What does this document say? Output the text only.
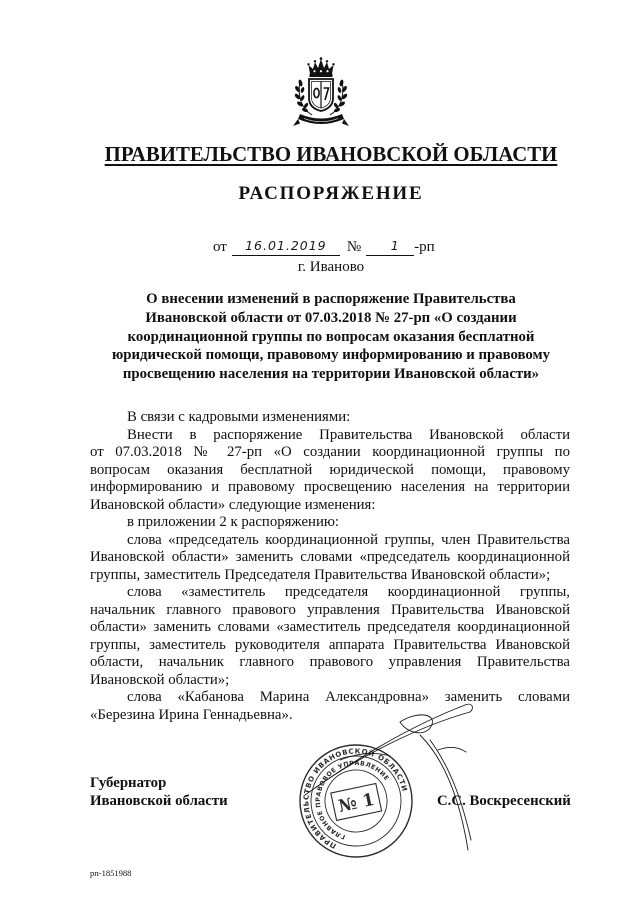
ПРАВИТЕЛЬСТВО ИВАНОВСКОЙ ОБЛАСТИ
РАСПОРЯЖЕНИЕ
от	16.01.2019	№	1 -рп
г. Иваново
О внесении изменений в распоряжение Правительства
Ивановской области от 07.03.2018 № 27-рп «О создании
координационной группы по вопросам оказания бесплатной
юридической помощи, правовому информированию и правовому
просвещению населения на территории Ивановской области»
В связи с кадровыми изменениями:
Внести в распоряжение Правительства Ивановской области
от 07.03.2018 № 27-рп «О создании координационной группы по
вопросам оказания бесплатной юридической помощи, правовому
информированию и правовому просвещению населения на территории
Ивановской области» следующие изменения:
в приложении 2 к распоряжению:
слова «председатель координационной группы, член Правительства
Ивановской области» заменить словами «председатель координационной
группы, заместитель Председателя Правительства Ивановской области»;
слова «заместитель председателя координационной группы,
начальник главного правового управления Правительства Ивановской
области» заменить словами «заместитель председателя координационной
группы, заместитель руководителя аппарата Правительства Ивановской
области, начальник главного правового управления Правительства
Ивановской области»;
слова «Кабанова Марина Александровна» заменить словами
«Березина Ирина Геннадьевна».
Губернатор
Ивановской области	С.С. Воскресенский
ПРАВИТЕЛЬСТВО ИВАНОВСКОЙ ОБЛАСТИ
ГЛАВНОЕ ПРАВОВОЕ УПРАВЛЕНИЕ
№ 1
рп-1851988
